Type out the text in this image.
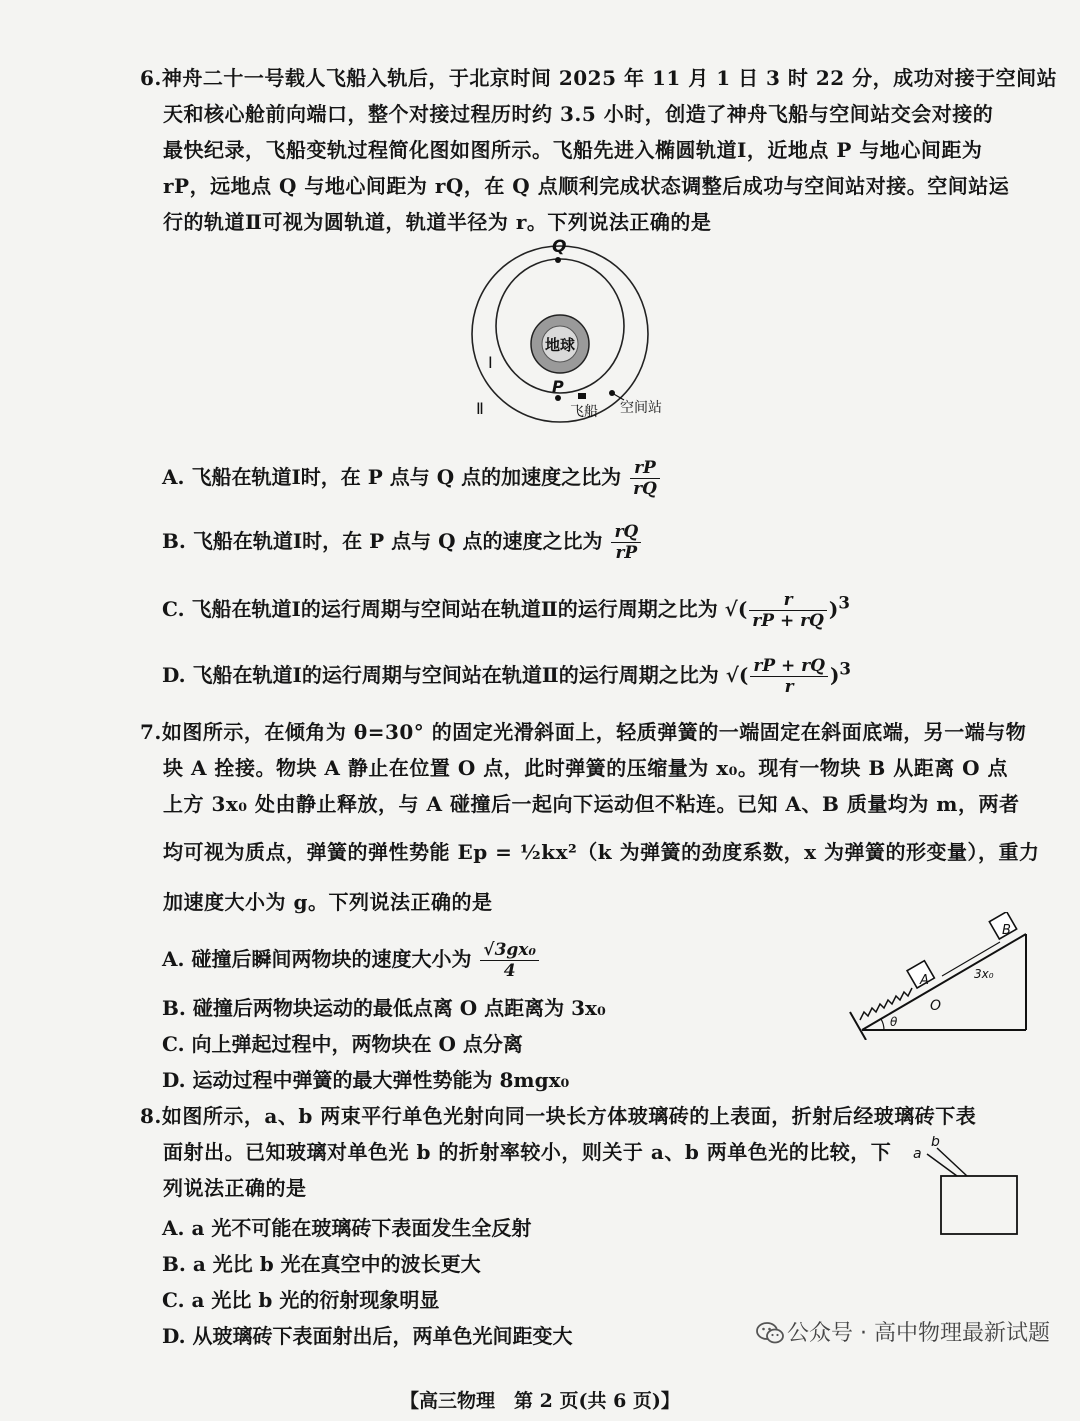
6.神舟二十一号载人飞船入轨后，于北京时间 2025 年 11 月 1 日 3 时 22 分，成功对接于空间站
天和核心舱前向端口，整个对接过程历时约 3.5 小时，创造了神舟飞船与空间站交会对接的
最快纪录，飞船变轨过程简化图如图所示。飞船先进入椭圆轨道Ⅰ，近地点 P 与地心间距为
rP，远地点 Q 与地心间距为 rQ，在 Q 点顺利完成状态调整后成功与空间站对接。空间站运
行的轨道Ⅱ可视为圆轨道，轨道半径为 r。下列说法正确的是
地球
Q
P
Ⅰ
Ⅱ	飞船 空间站
A. 飞船在轨道Ⅰ时，在 P 点与 Q 点的加速度之比为 $\frac{rP}{rQ}$
B. 飞船在轨道Ⅰ时，在 P 点与 Q 点的速度之比为 $\frac{rQ}{rP}$
C. 飞船在轨道Ⅰ的运行周期与空间站在轨道Ⅱ的运行周期之比为 √( $\frac{r}{rP + rQ} )^3$
D. 飞船在轨道Ⅰ的运行周期与空间站在轨道Ⅱ的运行周期之比为 √( $\frac{rP + rQ}{r} )^3$
7.如图所示，在倾角为 θ=30° 的固定光滑斜面上，轻质弹簧的一端固定在斜面底端，另一端与物
块 A 拴接。物块 A 静止在位置 O 点，此时弹簧的压缩量为 x₀。现有一物块 B 从距离 O 点
上方 3x₀ 处由静止释放，与 A 碰撞后一起向下运动但不粘连。已知 A、B 质量均为 m，两者
均可视为质点，弹簧的弹性势能 Ep = ½kx²（k 为弹簧的劲度系数，x 为弹簧的形变量），重力
加速度大小为 g。下列说法正确的是
A. 碰撞后瞬间两物块的速度大小为 $\frac{\text{√3gx₀}}{4}$
B. 碰撞后两物块运动的最低点离 O 点距离为 3x₀
C. 向上弹起过程中，两物块在 O 点分离
D. 运动过程中弹簧的最大弹性势能为 8mgx₀
A
O
3x₀
B
θ
8.如图所示，a、b 两束平行单色光射向同一块长方体玻璃砖的上表面，折射后经玻璃砖下表
面射出。已知玻璃对单色光 b 的折射率较小，则关于 a、b 两单色光的比较，下
列说法正确的是
a
b
A. a 光不可能在玻璃砖下表面发生全反射
B. a 光比 b 光在真空中的波长更大
C. a 光比 b 光的衍射现象明显
D. 从玻璃砖下表面射出后，两单色光间距变大	公众号 · 高中物理最新试题
【高三物理　第 2 页(共 6 页)】
